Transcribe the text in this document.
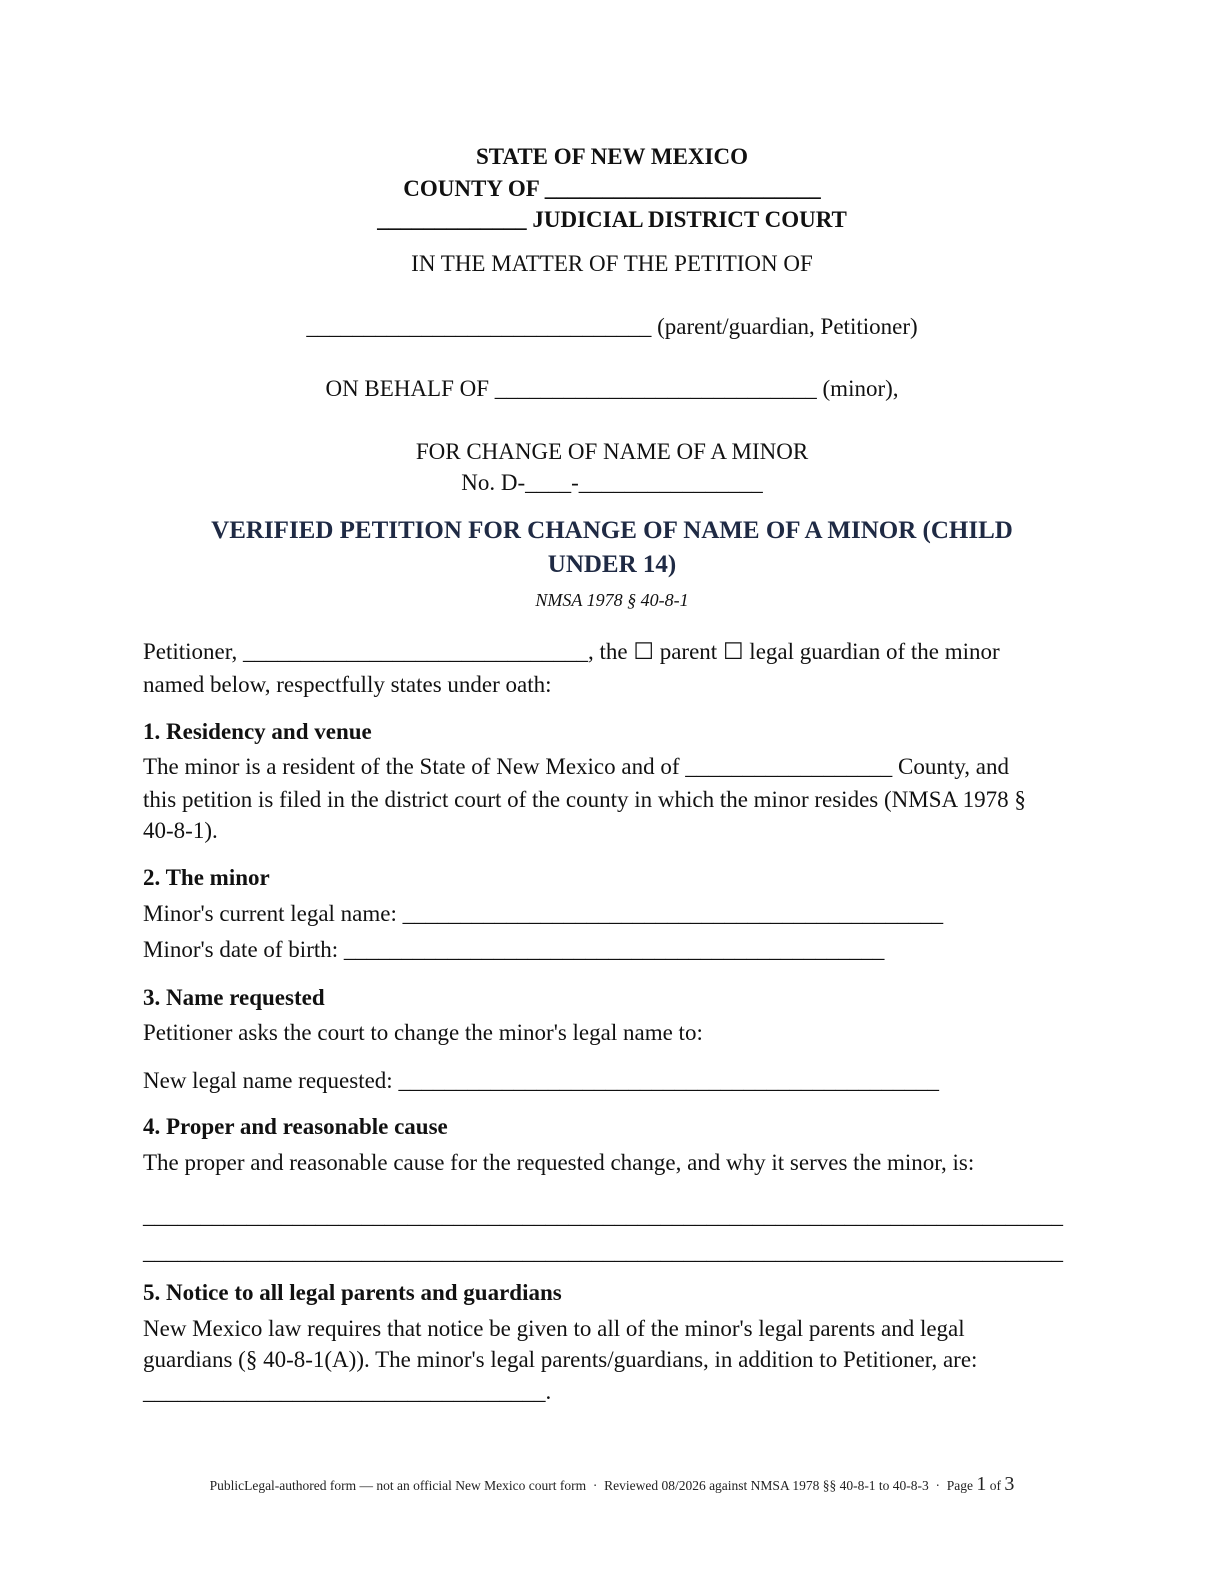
STATE OF NEW MEXICO
COUNTY OF ________________________
_____________ JUDICIAL DISTRICT COURT
IN THE MATTER OF THE PETITION OF
______________________________ (parent/guardian, Petitioner)
ON BEHALF OF ____________________________ (minor),
FOR CHANGE OF NAME OF A MINOR
No. D-____-________________
VERIFIED PETITION FOR CHANGE OF NAME OF A MINOR (CHILD
UNDER 14)
NMSA 1978 § 40-8-1
Petitioner, ______________________________, the ☐ parent ☐ legal guardian of the minor
named below, respectfully states under oath:
1. Residency and venue
The minor is a resident of the State of New Mexico and of __________________ County, and
this petition is filed in the district court of the county in which the minor resides (NMSA 1978 §
40-8-1).
2. The minor
Minor's current legal name: _______________________________________________
Minor's date of birth: _______________________________________________
3. Name requested
Petitioner asks the court to change the minor's legal name to:
New legal name requested: _______________________________________________
4. Proper and reasonable cause
The proper and reasonable cause for the requested change, and why it serves the minor, is:
________________________________________________________________________________
________________________________________________________________________________
5. Notice to all legal parents and guardians
New Mexico law requires that notice be given to all of the minor's legal parents and legal
guardians (§ 40-8-1(A)). The minor's legal parents/guardians, in addition to Petitioner, are:
___________________________________.
PublicLegal-authored form — not an official New Mexico court form  ·  Reviewed 08/2026 against NMSA 1978 §§ 40-8-1 to 40-8-3  ·  Page 1 of 3
